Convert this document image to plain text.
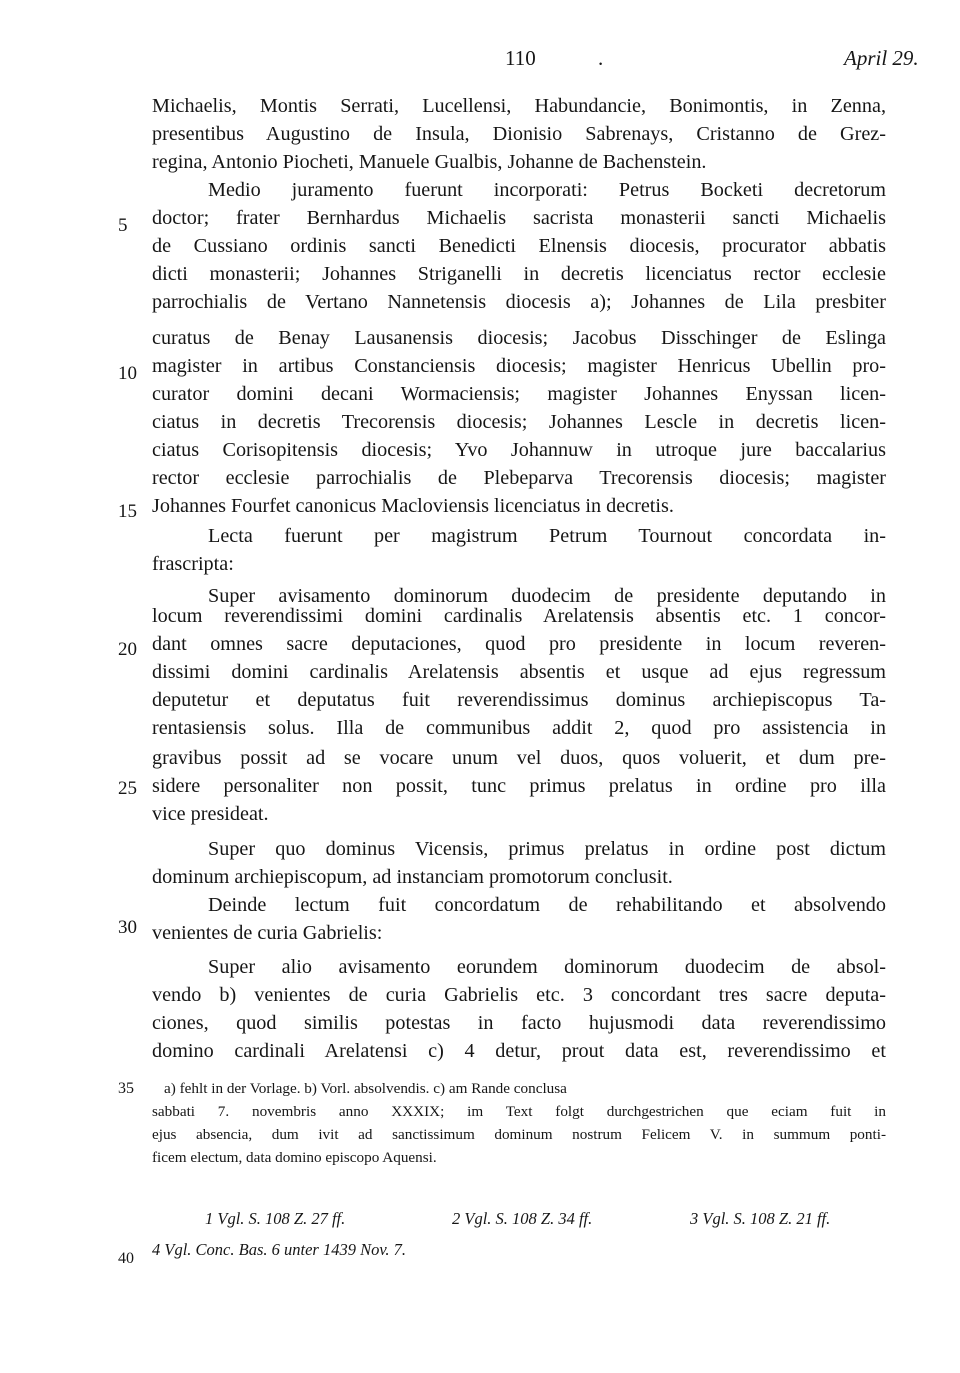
110	.	April 29.
5
10
15
20
25
30
35
40
Michaelis, Montis Serrati, Lucellensi, Habundancie, Bonimontis, in Zenna,
presentibus Augustino de Insula, Dionisio Sabrenays, Cristanno de Grez-
regina, Antonio Piocheti, Manuele Gualbis, Johanne de Bachenstein.
Medio juramento fuerunt incorporati: Petrus Bocketi decretorum
doctor; frater Bernhardus Michaelis sacrista monasterii sancti Michaelis
de Cussiano ordinis sancti Benedicti Elnensis diocesis, procurator abbatis
dicti monasterii; Johannes Striganelli in decretis licenciatus rector ecclesie
parrochialis de Vertano Nannetensis diocesis a); Johannes de Lila presbiter
curatus de Benay Lausanensis diocesis; Jacobus Disschinger de Eslinga
magister in artibus Constanciensis diocesis; magister Henricus Ubellin pro-
curator domini decani Wormaciensis; magister Johannes Enyssan licen-
ciatus in decretis Trecorensis diocesis; Johannes Lescle in decretis licen-
ciatus Corisopitensis diocesis; Yvo Johannuw in utroque jure baccalarius
rector ecclesie parrochialis de Plebeparva Trecorensis diocesis; magister
Johannes Fourfet canonicus Macloviensis licenciatus in decretis.
Lecta fuerunt per magistrum Petrum Tournout concordata in-
frascripta:
Super avisamento dominorum duodecim de presidente deputando in
locum reverendissimi domini cardinalis Arelatensis absentis etc. 1 concor-
dant omnes sacre deputaciones, quod pro presidente in locum reveren-
dissimi domini cardinalis Arelatensis absentis et usque ad ejus regressum
deputetur et deputatus fuit reverendissimus dominus archiepiscopus Ta-
rentasiensis solus. Illa de communibus addit 2, quod pro assistencia in
gravibus possit ad se vocare unum vel duos, quos voluerit, et dum pre-
sidere personaliter non possit, tunc primus prelatus in ordine pro illa
vice presideat.
Super quo dominus Vicensis, primus prelatus in ordine post dictum
dominum archiepiscopum, ad instanciam promotorum conclusit.
Deinde lectum fuit concordatum de rehabilitando et absolvendo
venientes de curia Gabrielis:
Super alio avisamento eorundem dominorum duodecim de absol-
vendo b) venientes de curia Gabrielis etc. 3 concordant tres sacre deputa-
ciones, quod similis potestas in facto hujusmodi data reverendissimo
domino cardinali Arelatensi c) 4 detur, prout data est, reverendissimo et
a) fehlt in der Vorlage. b) Vorl. absolvendis. c) am Rande conclusa
sabbati 7. novembris anno XXXIX; im Text folgt durchgestrichen que eciam fuit in
ejus absencia, dum ivit ad sanctissimum dominum nostrum Felicem V. in summum ponti-
ficem electum, data domino episcopo Aquensi.
1 Vgl. S. 108 Z. 27 ff.	2 Vgl. S. 108 Z. 34 ff.	3 Vgl. S. 108 Z. 21 ff.
4 Vgl. Conc. Bas. 6 unter 1439 Nov. 7.
